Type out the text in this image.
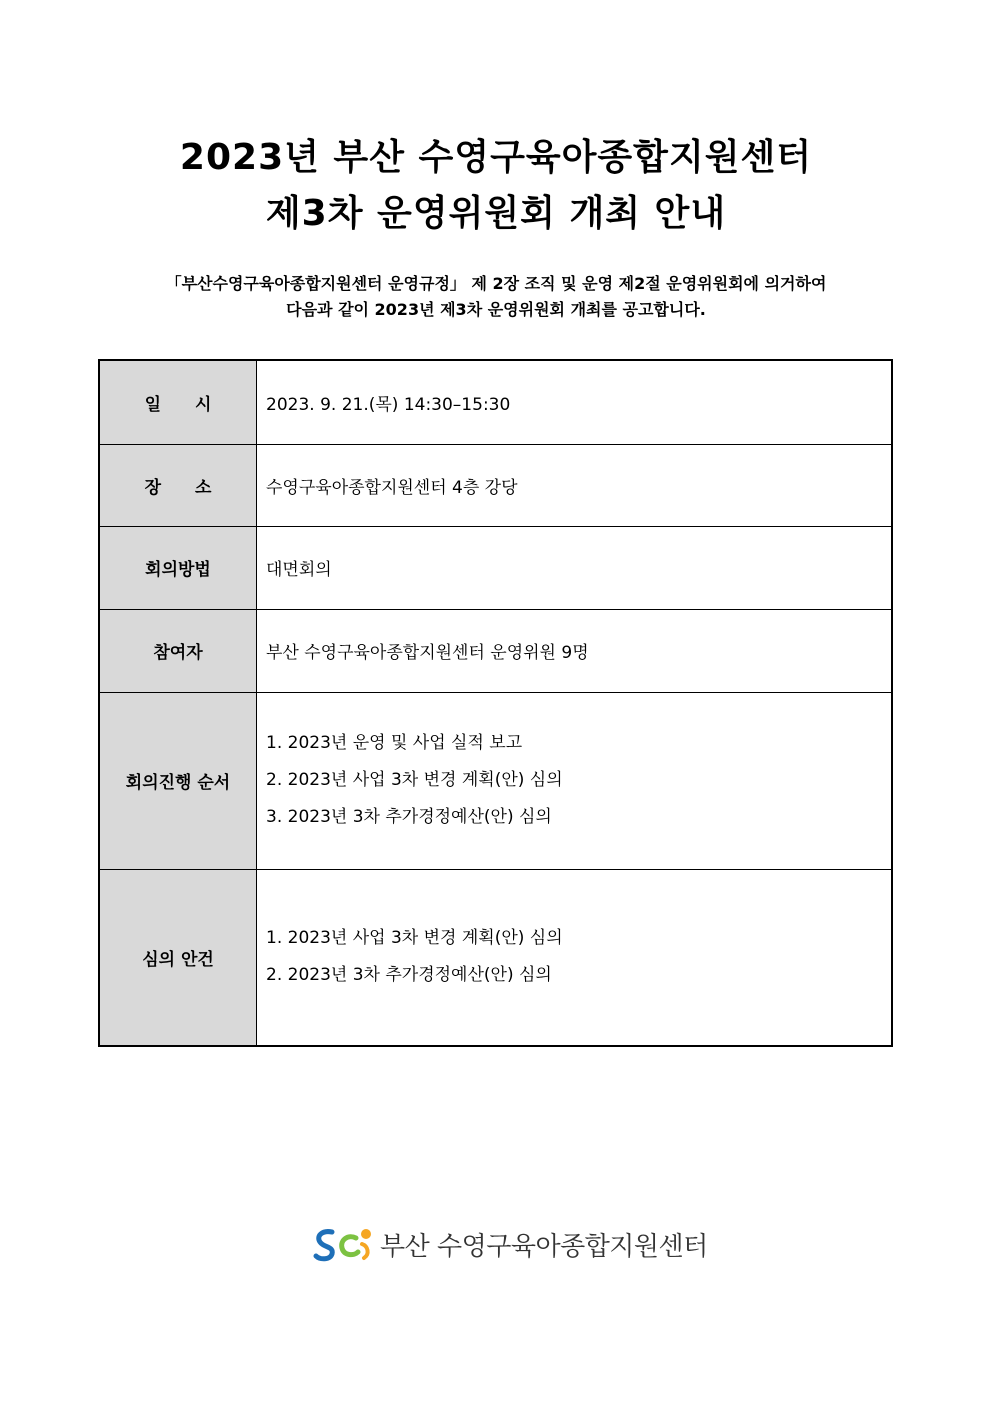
2023년 부산 수영구육아종합지원센터
제3차 운영위원회 개최 안내
「부산수영구육아종합지원센터 운영규정」 제 2장 조직 및 운영 제2절 운영위원회에 의거하여
다음과 같이 2023년 제3차 운영위원회 개최를 공고합니다.
일　　시	2023. 9. 21.(목) 14:30–15:30
장　　소	수영구육아종합지원센터 4층 강당
회의방법	대면회의
참여자	부산 수영구육아종합지원센터 운영위원 9명
회의진행 순서	1. 2023년 운영 및 사업 실적 보고
2. 2023년 사업 3차 변경 계획(안) 심의
3. 2023년 3차 추가경정예산(안) 심의

심의 안건	1. 2023년 사업 3차 변경 계획(안) 심의
2. 2023년 3차 추가경정예산(안) 심의
부산 수영구육아종합지원센터
